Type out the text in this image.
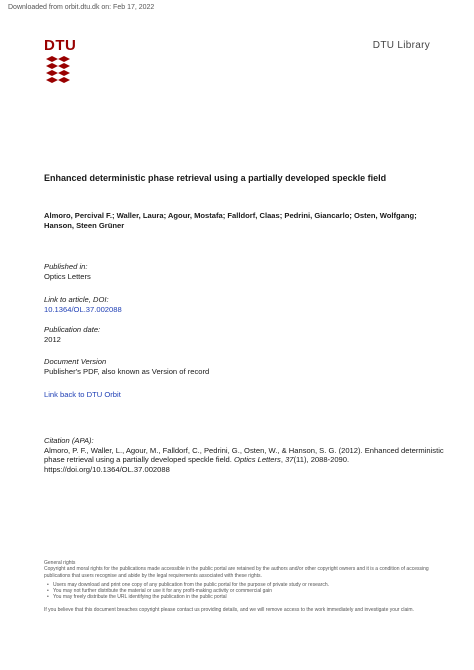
Downloaded from orbit.dtu.dk on: Feb 17, 2022
DTU	DTU Library
Enhanced deterministic phase retrieval using a partially developed speckle field
Almoro, Percival F.; Waller, Laura; Agour, Mostafa; Falldorf, Claas; Pedrini, Giancarlo; Osten, Wolfgang; Hanson, Steen Grüner
Published in:
Optics Letters
Link to article, DOI:
10.1364/OL.37.002088
Publication date:
2012
Document Version
Publisher's PDF, also known as Version of record
Link back to DTU Orbit
Citation (APA):
Almoro, P. F., Waller, L., Agour, M., Falldorf, C., Pedrini, G., Osten, W., & Hanson, S. G. (2012). Enhanced deterministic phase retrieval using a partially developed speckle field. Optics Letters, 37(11), 2088-2090. https://doi.org/10.1364/OL.37.002088
General rights
Copyright and moral rights for the publications made accessible in the public portal are retained by the authors and/or other copyright owners and it is a condition of accessing publications that users recognise and abide by the legal requirements associated with these rights.
• Users may download and print one copy of any publication from the public portal for the purpose of private study or research.
• You may not further distribute the material or use it for any profit-making activity or commercial gain
• You may freely distribute the URL identifying the publication in the public portal
If you believe that this document breaches copyright please contact us providing details, and we will remove access to the work immediately and investigate your claim.
